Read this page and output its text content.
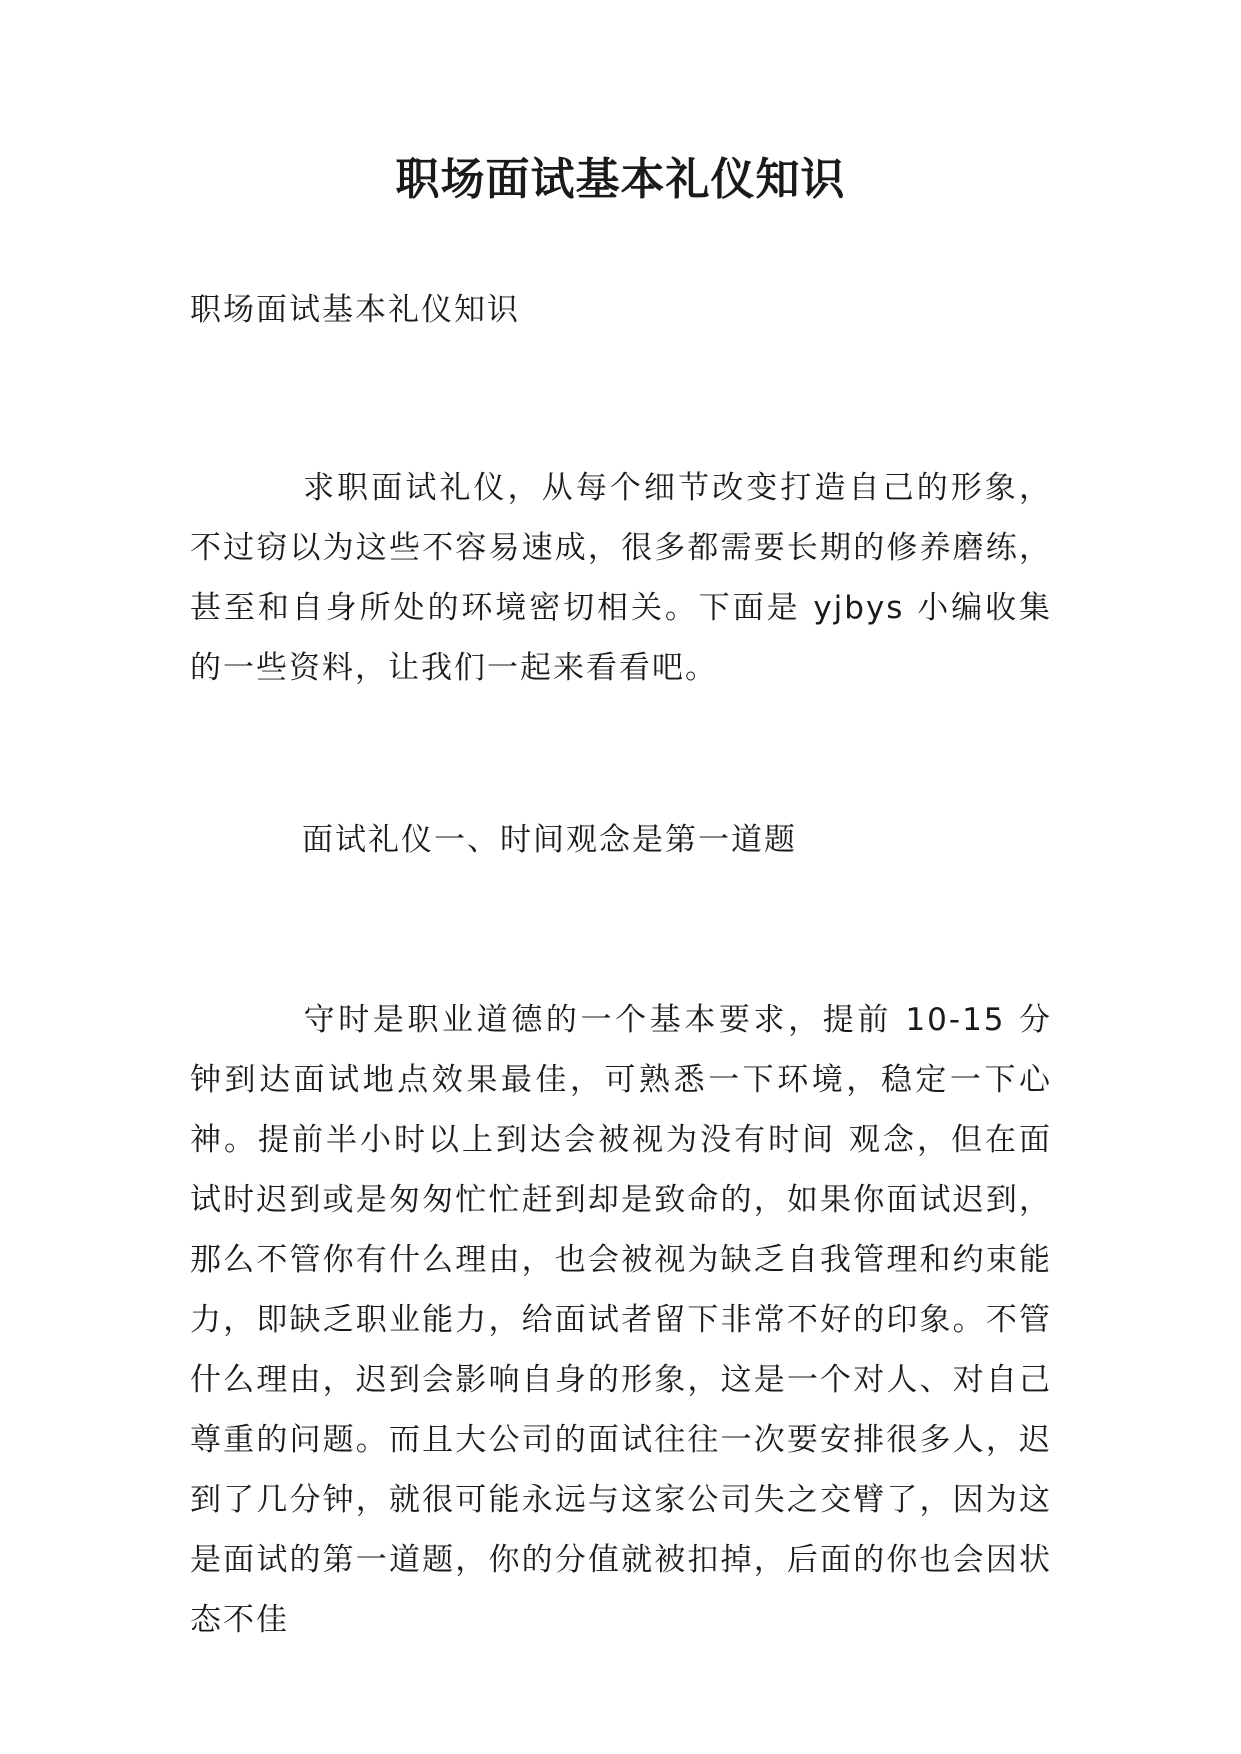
职场面试基本礼仪知识
职场面试基本礼仪知识

求职面试礼仪，从每个细节改变打造自己的形象，不过窃以为这些不容易速成，很多都需要长期的修养磨练，甚至和自身所处的环境密切相关。下面是 yjbys 小编收集的一些资料，让我们一起来看看吧。

面试礼仪一、时间观念是第一道题

守时是职业道德的一个基本要求，提前 10-15 分钟到达面试地点效果最佳，可熟悉一下环境，稳定一下心神。提前半小时以上到达会被视为没有时间 观念，但在面试时迟到或是匆匆忙忙赶到却是致命的，如果你面试迟到，那么不管你有什么理由，也会被视为缺乏自我管理和约束能力，即缺乏职业能力，给面试者留下非常不好的印象。不管什么理由，迟到会影响自身的形象，这是一个对人、对自己尊重的问题。而且大公司的面试往往一次要安排很多人，迟到了几分钟，就很可能永远与这家公司失之交臂了，因为这是面试的第一道题，你的分值就被扣掉，后面的你也会因状态不佳
